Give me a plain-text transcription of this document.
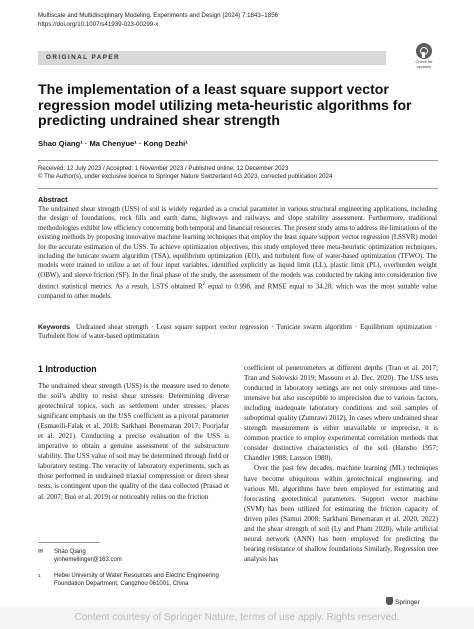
Multiscale and Multidisciplinary Modeling, Experiments and Design (2024) 7:1843–1856
https://doi.org/10.1007/s41939-023-00299-x
ORIGINAL PAPER
Check for updates
The implementation of a least square support vector regression model utilizing meta-heuristic algorithms for predicting undrained shear strength
Shao Qiang¹ · Ma Chenyue¹ · Kong Dezhi¹
Received: 12 July 2023 / Accepted: 1 November 2023 / Published online: 12 December 2023
© The Author(s), under exclusive licence to Springer Nature Switzerland AG 2023, corrected publication 2024
Abstract
The undrained shear strength (USS) of soil is widely regarded as a crucial parameter in various structural engineering applications, including the design of foundations, rock fills and earth dams, highways and railways, and slope stability assessment. Furthermore, traditional methodologies exhibit low efficiency concerning both temporal and financial resources. The present study aims to address the limitations of the existing methods by proposing innovative machine learning techniques that employ the least square support vector regression (LSSVR) model for the accurate estimation of the USS. To achieve optimization objectives, this study employed three meta-heuristic optimization techniques, including the tunicate swarm algorithm (TSA), equilibrium optimization (EO), and turbulent flow of water-based optimization (TFWO). The models were trained to utilize a set of four input variables, identified explicitly as liquid limit (LL), plastic limit (PL), overburden weight (OBW), and sleeve friction (SF). In the final phase of the study, the assessment of the models was conducted by taking into consideration five distinct statistical metrics. As a result, LSTS obtained $R^2$ equal to 0.998, and RMSE equal to 34.28, which was the most suitable value compared to other models.
Keywords Undrained shear strength · Least square support vector regression · Tunicate swarm algorithm · Equilibrium optimization · Turbulent flow of water-based optimization
1 Introduction
The undrained shear strength (USS) is the measure used to denote the soil’s ability to resist shear stresses. Determining diverse geotechnical topics, such as settlement under stresses, places significant emphasis on the USS coefficient as a pivotal parameter (Esmaeili-Falak et al. 2018; Sarkhani Benemaran 2017; Poorjafar et al. 2021). Conducting a precise evaluation of the USS is imperative to obtain a genuine assessment of the substructure stability. The USS value of soil may be determined through field or laboratory testing. The veracity of laboratory experiments, such as those performed in undrained triaxial compression or direct shear tests, is contingent upon the quality of the data collected (Prasad et al. 2007; Buò et al. 2019) or noticeably relies on the friction
coefficient of penetrometers at different depths (Tran et al. 2017; Tran and Sołowski 2019; Masounı et al. Dec. 2020). The USS tests conducted in laboratory settings are not only strenuous and time-intensive but also susceptible to imprecision due to various factors, including inadequate laboratory conditions and soil samples of suboptimal quality (Zumrawi 2012). In cases where undrained shear strength measurement is either unavailable or imprecise, it is common practice to employ experimental correlation methods that consider distinctive characteristics of the soil (Hansbo 1957; Chandler 1988; Larsson 1980).
Over the past few decades, machine learning (ML) techniques have become ubiquitous within geotechnical engineering, and various ML algorithms have been employed for estimating and forecasting geotechnical parameters. Support vector machine (SVM) has been utilized for estimating the friction capacity of driven piles (Samui 2008; Sarkhani Benemaran et al. 2020, 2022) and the shear strength of soil (Ly and Pham 2020), while artificial neural network (ANN) has been employed for predicting the bearing resistance of shallow foundations Similarly, Regression tree analysis has
✉ Shao Qiang
yinhemeilinger@163.com
1 Hebei University of Water Resources and Electric Engineering Foundation Department, Cangzhou 061001, China
Springer
Content courtesy of Springer Nature, terms of use apply. Rights reserved.
